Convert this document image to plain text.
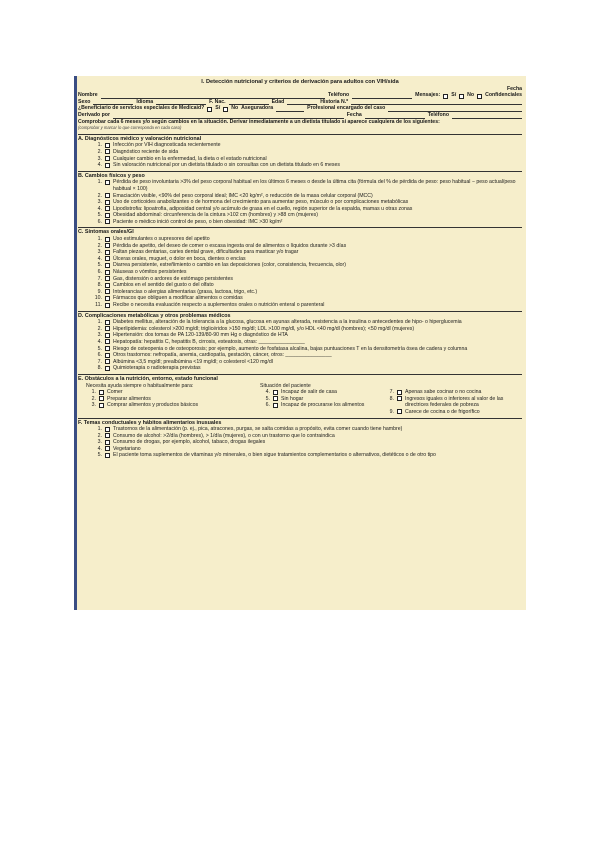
I. Detección nutricional y criterios de derivación para adultos con VIH/sida
Fecha
Nombre	Teléfono	Mensajes: Sí No Confidenciales
Sexo	Idioma	F. Nac.	Edad	Historia N.º
¿Beneficiario de servicios especiales de Medicaid? Sí No Aseguradora	Profesional encargado del caso
Derivado por	Fecha	Teléfono
Comprobar cada 6 meses y/o según cambios en la situación. Derivar inmediatamente a un dietista titulado si aparece cualquiera de los siguientes:
(comprobar y marcar lo que corresponda en cada caso)
A. Diagnósticos médico y valoración nutricional
1. Infección por VIH diagnosticada recientemente
2. Diagnóstico reciente de sida
3. Cualquier cambio en la enfermedad, la dieta o el estado nutricional
4. Sin valoración nutricional por un dietista titulado o sin consultas con un dietista titulado en 6 meses
B. Cambios físicos y peso
1. Pérdida de peso involuntaria >3% del peso corporal habitual en los últimos 6 meses o desde la última cita (fórmula del % de pérdida de peso: peso habitual − peso actual/peso habitual × 100)
2. Emaciación visible, <90% del peso corporal ideal; IMC <20 kg/m², o reducción de la masa celular corporal (MCC)
3. Uso de corticoides anabolizantes o de hormona del crecimiento para aumentar peso, músculo o por complicaciones metabólicas
4. Lipodistrofia: lipoatrofia, adiposidad central y/o acúmulo de grasa en el cuello, región superior de la espalda, mamas u otras zonas
5. Obesidad abdominal: circunferencia de la cintura >102 cm (hombres) y >88 cm (mujeres)
6. Paciente o médico inició control de peso, o bien obesidad: IMC >30 kg/m²
C. Síntomas orales/GI
1. Uso estimulantes o supresores del apetito
2. Pérdida de apetito, del deseo de comer o escasa ingesta oral de alimentos o líquidos durante >3 días
3. Faltan piezas dentarias, caries dental grave, dificultades para masticar y/o tragar
4. Úlceras orales, muguet, o dolor en boca, dientes o encías
5. Diarrea persistente, estreñimiento o cambio en las deposiciones (color, consistencia, frecuencia, olor)
6. Náuseas o vómitos persistentes
7. Gas, distensión o ardores de estómago persistentes
8. Cambios en el sentido del gusto o del olfato
9. Intolerancias o alergias alimentarias (grasa, lactosa, trigo, etc.)
10. Fármacos que obliguen a modificar alimentos o comidas
11. Recibe o necesita evaluación respecto a suplementos orales o nutrición enteral o parenteral
D. Complicaciones metabólicas y otros problemas médicos
1. Diabetes mellitus, alteración de la tolerancia a la glucosa, glucosa en ayunas alterada, resistencia a la insulina o antecedentes de hipo- o hiperglucemia
2. Hiperlipidemia: colesterol >200 mg/dl; triglicéridos >150 mg/dl; LDL >100 mg/dl, y/o HDL <40 mg/dl (hombres); <50 mg/dl (mujeres)
3. Hipertensión: dos tomas de PA 120-139/80-90 mm Hg o diagnóstico de HTA
4. Hepatopatía: hepatitis C, hepatitis B, cirrosis, esteatosis, otras: ________________
5. Riesgo de osteopenia o de osteoporosis; por ejemplo, aumento de fosfatasa alcalina, bajas puntuaciones T en la densitometría ósea de cadera y columna
6. Otros trastornos: nefropatía, anemia, cardiopatía, gestación, cáncer, otros: ________________
7. Albúmina <3,5 mg/dl; prealbúmina <19 mg/dl; o colesterol <120 mg/dl
8. Quimioterapia o radioterapia previstas
E. Obstáculos a la nutrición, entorno, estado funcional
Necesita ayuda siempre o habitualmente para:
1. Comer
2. Preparar alimentos
3. Comprar alimentos y productos básicos
Situación del paciente
4. Incapaz de salir de casa
5. Sin hogar
6. Incapaz de procurarse los alimentos

7. Apenas sabe cocinar o no cocina
8. Ingresos iguales o inferiores al valor de las directrices federales de pobreza
9. Carece de cocina o de frigorífico
F. Temas conductuales y hábitos alimentarios inusuales
1. Trastornos de la alimentación (p. ej., pica, atracones, purgas, se salta comidas a propósito, evita comer cuando tiene hambre)
2. Consumo de alcohol: >2/día (hombres), > 1/día (mujeres), o con un trastorno que lo contraindica
3. Consumo de drogas, por ejemplo, alcohol, tabaco, drogas ilegales
4. Vegetariano
5. El paciente toma suplementos de vitaminas y/o minerales, o bien sigue tratamientos complementarios o alternativos, dietéticos o de otro tipo
